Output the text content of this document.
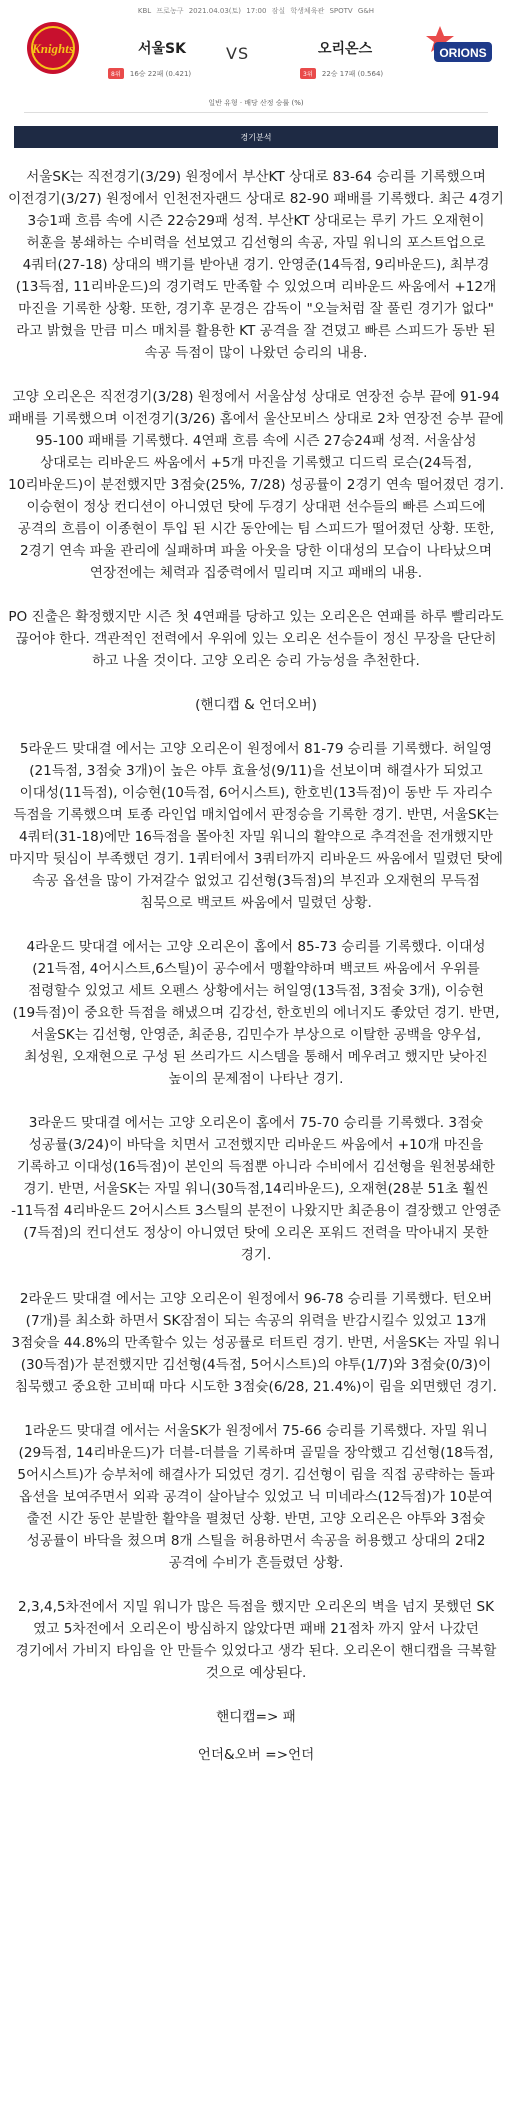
KBL 프로농구 2021.04.03(토) 17:00 잠실 학생체육관 SPOTV G&H
Knights	서울SK	VS	오리온스
8위 16승 22패 (0.421)	3위 22승 17패 (0.564)
ORIONS
일반 유형 · 배당 산정 승률 (%)
경기분석

서울SK는 직전경기(3/29) 원정에서 부산KT 상대로 83-64 승리를 기록했으며 이전경기(3/27) 원정에서 인천전자랜드 상대로 82-90 패배를 기록했다. 최근 4경기 3승1패 흐름 속에 시즌 22승29패 성적. 부산KT 상대로는 루키 가드 오재현이 허훈을 봉쇄하는 수비력을 선보였고 김선형의 속공, 자밀 워니의 포스트업으로 4쿼터(27-18) 상대의 백기를 받아낸 경기. 안영준(14득점, 9리바운드), 최부경(13득점, 11리바운드)의 경기력도 만족할 수 있었으며 리바운드 싸움에서 +12개 마진을 기록한 상황. 또한, 경기후 문경은 감독이 "오늘처럼 잘 풀린 경기가 없다" 라고 밝혔을 만큼 미스 매치를 활용한 KT 공격을 잘 견뎠고 빠른 스피드가 동반 된 속공 득점이 많이 나왔던 승리의 내용.

고양 오리온은 직전경기(3/28) 원정에서 서울삼성 상대로 연장전 승부 끝에 91-94 패배를 기록했으며 이전경기(3/26) 홈에서 울산모비스 상대로 2차 연장전 승부 끝에 95-100 패배를 기록했다. 4연패 흐름 속에 시즌 27승24패 성적. 서울삼성 상대로는 리바운드 싸움에서 +5개 마진을 기록했고 디드릭 로슨(24득점, 10리바운드)이 분전했지만 3점슛(25%, 7/28) 성공률이 2경기 연속 떨어졌던 경기. 이승현이 정상 컨디션이 아니였던 탓에 두경기 상대편 선수들의 빠른 스피드에 공격의 흐름이 이종현이 투입 된 시간 동안에는 팀 스피드가 떨어졌던 상황. 또한, 2경기 연속 파울 관리에 실패하며 파울 아웃을 당한 이대성의 모습이 나타났으며 연장전에는 체력과 집중력에서 밀리며 지고 패배의 내용.

PO 진출은 확정했지만 시즌 첫 4연패를 당하고 있는 오리온은 연패를 하루 빨리라도 끊어야 한다. 객관적인 전력에서 우위에 있는 오리온 선수들이 정신 무장을 단단히 하고 나올 것이다. 고양 오리온 승리 가능성을 추천한다.

(핸디캡 & 언더오버)

5라운드 맞대결 에서는 고양 오리온이 원정에서 81-79 승리를 기록했다. 허일영(21득점, 3점슛 3개)이 높은 야투 효율성(9/11)을 선보이며 해결사가 되었고 이대성(11득점), 이승현(10득점, 6어시스트), 한호빈(13득점)이 동반 두 자리수 득점을 기록했으며 토종 라인업 매치업에서 판정승을 기록한 경기. 반면, 서울SK는 4쿼터(31-18)에만 16득점을 몰아친 자밀 워니의 활약으로 추격전을 전개했지만 마지막 뒷심이 부족했던 경기. 1쿼터에서 3쿼터까지 리바운드 싸움에서 밀렸던 탓에 속공 옵션을 많이 가져갈수 없었고 김선형(3득점)의 부진과 오재현의 무득점 침묵으로 백코트 싸움에서 밀렸던 상황.

4라운드 맞대결 에서는 고양 오리온이 홈에서 85-73 승리를 기록했다. 이대성(21득점, 4어시스트,6스틸)이 공수에서 맹활약하며 백코트 싸움에서 우위를 점령할수 있었고 세트 오펜스 상황에서는 허일영(13득점, 3점슛 3개), 이승현(19득점)이 중요한 득점을 해냈으며 김강선, 한호빈의 에너지도 좋았던 경기. 반면, 서울SK는 김선형, 안영준, 최준용, 김민수가 부상으로 이탈한 공백을 양우섭, 최성원, 오재현으로 구성 된 쓰리가드 시스템을 통해서 메우려고 했지만 낮아진 높이의 문제점이 나타난 경기.

3라운드 맞대결 에서는 고양 오리온이 홈에서 75-70 승리를 기록했다. 3점슛 성공률(3/24)이 바닥을 치면서 고전했지만 리바운드 싸움에서 +10개 마진을 기록하고 이대성(16득점)이 본인의 득점뿐 아니라 수비에서 김선형을 원천봉쇄한 경기. 반면, 서울SK는 자밀 워니(30득점,14리바운드), 오재현(28분 51초 훨씬 -11득점 4리바운드 2어시스트 3스틸의 분전이 나왔지만 최준용이 결장했고 안영준(7득점)의 컨디션도 정상이 아니였던 탓에 오리온 포워드 전력을 막아내지 못한 경기.

2라운드 맞대결 에서는 고양 오리온이 원정에서 96-78 승리를 기록했다. 턴오버(7개)를 최소화 하면서 SK잠점이 되는 속공의 위력을 반감시킬수 있었고 13개 3점슛을 44.8%의 만족할수 있는 성공률로 터트린 경기. 반면, 서울SK는 자밀 워니(30득점)가 분전했지만 김선형(4득점, 5어시스트)의 야투(1/7)와 3점슛(0/3)이 침묵했고 중요한 고비때 마다 시도한 3점슛(6/28, 21.4%)이 림을 외면했던 경기.

1라운드 맞대결 에서는 서울SK가 원정에서 75-66 승리를 기록했다. 자밀 워니(29득점, 14리바운드)가 더블-더블을 기록하며 골밑을 장악했고 김선형(18득점, 5어시스트)가 승부처에 해결사가 되었던 경기. 김선형이 림을 직접 공략하는 돌파 옵션을 보여주면서 외곽 공격이 살아날수 있었고 닉 미네라스(12득점)가 10분여 출전 시간 동안 분발한 활약을 펼쳤던 상황. 반면, 고양 오리온은 야투와 3점슛 성공률이 바닥을 쳤으며 8개 스틸을 허용하면서 속공을 허용했고 상대의 2대2 공격에 수비가 흔들렸던 상황.

2,3,4,5차전에서 지밀 워니가 많은 득점을 했지만 오리온의 벽을 넘지 못했던 SK 였고 5차전에서 오리온이 방심하지 않았다면 패배 21점차 까지 앞서 나갔던 경기에서 가비지 타임을 안 만들수 있었다고 생각 된다. 오리온이 핸디캡을 극복할 것으로 예상된다.

핸디캡=> 패

언더&오버 =>언더
